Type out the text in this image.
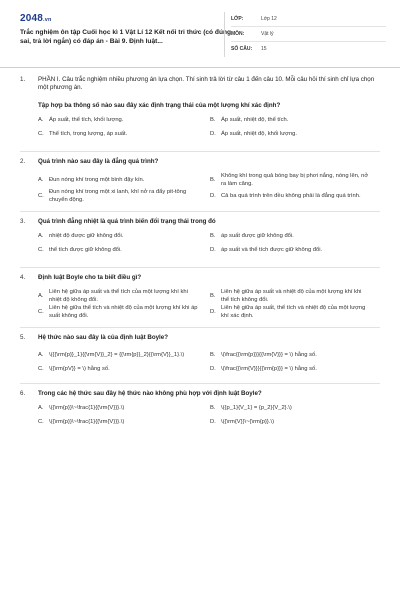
2048.vn
Trắc nghiệm ôn tập Cuối học kì 1 Vật Lí 12 Kết nối tri thức (có đúng sai, trả lời ngắn) có đáp án - Bài 9. Định luật...
LỚP:	Lớp 12
MÔN:	Vật lý
SỐ CÂU:	15
1. PHẦN I. Câu trắc nghiệm nhiều phương án lựa chọn. Thí sinh trả lời từ câu 1 đến câu 10. Mỗi câu hỏi thí sinh chỉ lựa chọn một phương án.
Tập hợp ba thông số nào sau đây xác định trạng thái của một lượng khí xác định?
A. Áp suất, thể tích, khối lượng.	B. Áp suất, nhiệt độ, thể tích.
C. Thể tích, trọng lượng, áp suất.	D. Áp suất, nhiệt độ, khối lượng.
2. Quá trình nào sau đây là đẳng quá trình?
A. Đun nóng khí trong một bình đậy kín.	B.
Không khí trong quả bóng bay bị phơi nắng, nóng lên, nở ra làm căng.
C.
Đun nóng khí trong một xi lanh, khí nở ra đẩy pit-tông chuyển động.
D. Cả ba quá trình trên đều không phải là đẳng quá trình.
3. Quá trình đẳng nhiệt là quá trình biến đổi trạng thái trong đó
A. nhiệt độ được giữ không đổi.	B. áp suất được giữ không đổi.
C. thể tích được giữ không đổi.	D. áp suất và thể tích được giữ không đổi.
4. Định luật Boyle cho ta biết điều gì?
A.
Liên hệ giữa áp suất và thể tích của một lượng khí khi nhiệt độ không đổi.
B.
Liên hệ giữa áp suất và nhiệt độ của một lượng khí khi thể tích không đổi.
C.
Liên hệ giữa thể tích và nhiệt độ của một lượng khí khi áp suất không đổi.
D.
Liên hệ giữa áp suất, thể tích và nhiệt độ của một lượng khí xác định.
5. Hệ thức nào sau đây là của định luật Boyle?
A. \({{\rm{p}}_1}{{\rm{V}}_2} = {{\rm{p}}_2}{{\rm{V}}_1}.\)	B. \(\frac{{\rm{p}}}{{\rm{V}}} = \) hằng số.
C. \({\rm{pV}} = \) hằng số.	D. \(\frac{{\rm{V}}}{{\rm{p}}} = \) hằng số.
6. Trong các hệ thức sau đây hệ thức nào không phù hợp với định luật Boyle?
A. \({\rm{p}}\~\frac{1}{{\rm{V}}}.\)	B. \({p_1}{V_1} = {p_2}{V_2}.\)
C. \({\rm{p}}\~\frac{1}{{\rm{V}}}.\)	D. \({\rm{V}}\~{\rm{p}}.\)
